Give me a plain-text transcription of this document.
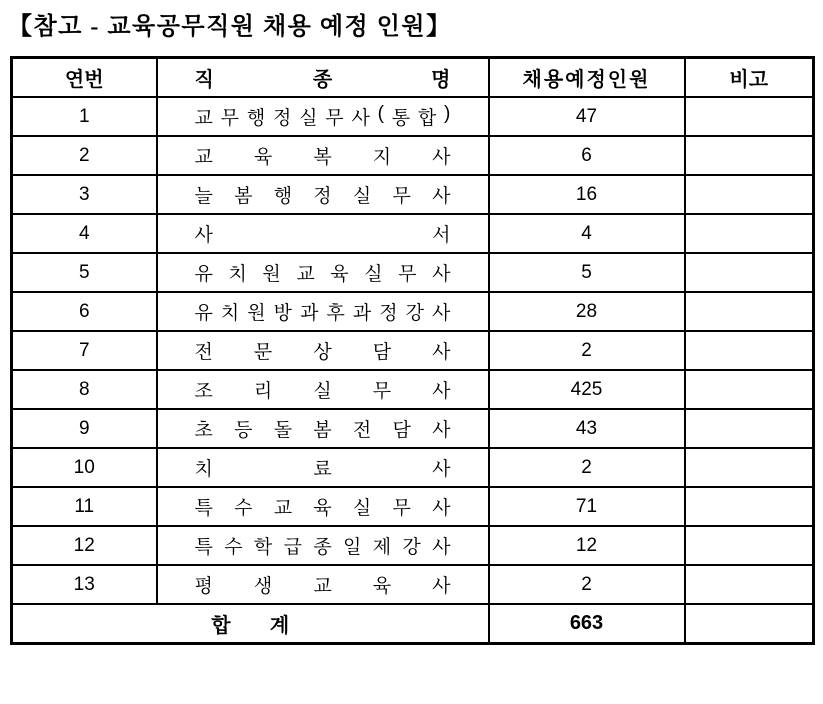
【참고 - 교육공무직원 채용 예정 인원】
연번	직 종 명	채용예정인원	비고
1	교 무 행 정 실 무 사 ( 통 합 )	47	
2	교 육 복 지 사	6	
3	늘 봄 행 정 실 무 사	16	
4	사 서	4	
5	유 치 원 교 육 실 무 사	5	
6	유 치 원 방 과 후 과 정 강 사	28	
7	전 문 상 담 사	2	
8	조 리 실 무 사	425	
9	초 등 돌 봄 전 담 사	43	
10	치 료 사	2	
11	특 수 교 육 실 무 사	71	
12	특 수 학 급 종 일 제 강 사	12	
13	평 생 교 육 사	2	

합 계		663	
